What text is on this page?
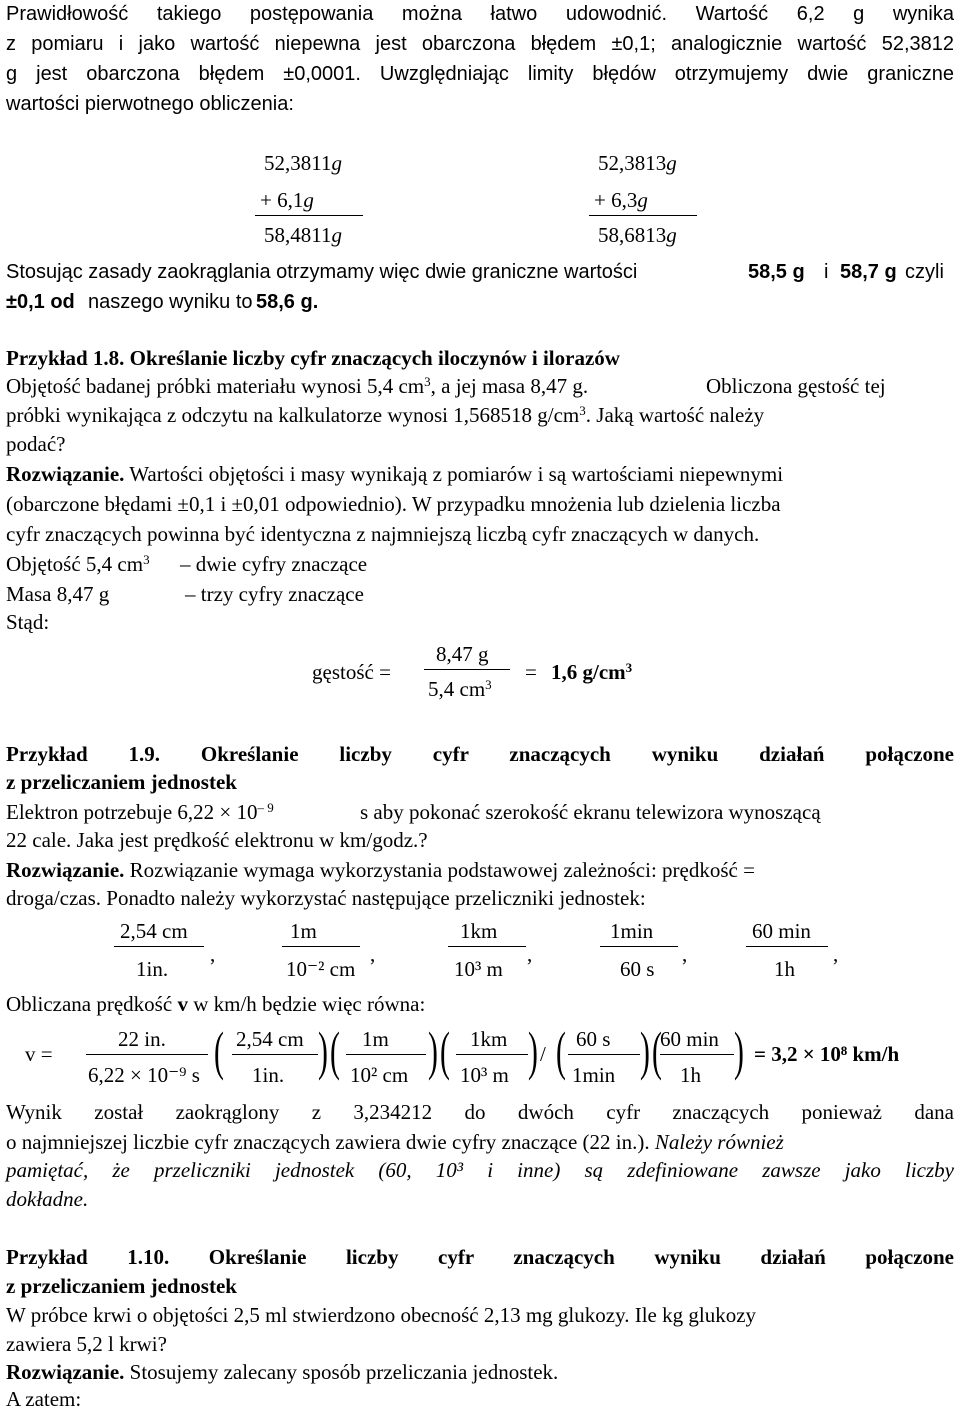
Prawidłowość takiego postępowania można łatwo udowodnić. Wartość 6,2 g wynika
z pomiaru i jako wartość niepewna jest obarczona błędem ±0,1; analogicznie wartość 52,3812
g jest obarczona błędem ±0,0001. Uwzględniając limity błędów otrzymujemy dwie graniczne
wartości pierwotnego obliczenia:
52,3811g
+ 6,1g
58,4811g
52,3813g
+ 6,3g
58,6813g
Stosując zasady zaokrąglania otrzymamy więc dwie graniczne wartości	58,5 g i 58,7 g czyli
±0,1 od naszego wyniku to 58,6 g.
Przykład 1.8. Określanie liczby cyfr znaczących iloczynów i ilorazów
Objętość badanej próbki materiału wynosi 5,4 $cm^3$, a jej masa 8,47 g.	Obliczona gęstość tej
próbki wynikająca z odczytu na kalkulatorze wynosi 1,568518 $g/cm^3$. Jaką wartość należy
podać?
Rozwiązanie. Wartości objętości i masy wynikają z pomiarów i są wartościami niepewnymi
(obarczone błędami ±0,1 i ±0,01 odpowiednio). W przypadku mnożenia lub dzielenia liczba
cyfr znaczących powinna być identyczna z najmniejszą liczbą cyfr znaczących w danych.
Objętość 5,4 $cm^3$ – dwie cyfry znaczące
Masa 8,47 g	– trzy cyfry znaczące
Stąd:
gęstość =
8,47 g
5,4 $cm^3$
= 1,6 $g/cm^3$
Przykład 1.9. Określanie liczby cyfr znaczących wyniku działań połączone
z przeliczaniem jednostek
Elektron potrzebuje $6,22 \times 10^{- 9}$	s aby pokonać szerokość ekranu telewizora wynoszącą
22 cale. Jaka jest prędkość elektronu w km/godz.?
Rozwiązanie. Rozwiązanie wymaga wykorzystania podstawowej zależności: prędkość =
droga/czas. Ponadto należy wykorzystać następujące przeliczniki jednostek:
2,54 cm
1in.
,
1m
10⁻² cm
,
1km
10³ m
,
1min
60 s
,
60 min
1h
,
Obliczana prędkość v w km/h będzie więc równa:
v =
22 in.
6,22 × 10⁻⁹ s ( 2,54 cm
1in. ) ( 1m
10² cm ) ( 1km
10³ m ) / ( 60 s
1min ) (
60 min
1h ) = 3,2 × 10⁸ km/h
Wynik został zaokrąglony z 3,234212 do dwóch cyfr znaczących ponieważ dana
o najmniejszej liczbie cyfr znaczących zawiera dwie cyfry znaczące (22 in.). Należy również
pamiętać, że przeliczniki jednostek (60, 10³ i inne) są zdefiniowane zawsze jako liczby
dokładne.
Przykład 1.10. Określanie liczby cyfr znaczących wyniku działań połączone
z przeliczaniem jednostek
W próbce krwi o objętości 2,5 ml stwierdzono obecność 2,13 mg glukozy. Ile kg glukozy
zawiera 5,2 l krwi?
Rozwiązanie. Stosujemy zalecany sposób przeliczania jednostek.
A zatem:
